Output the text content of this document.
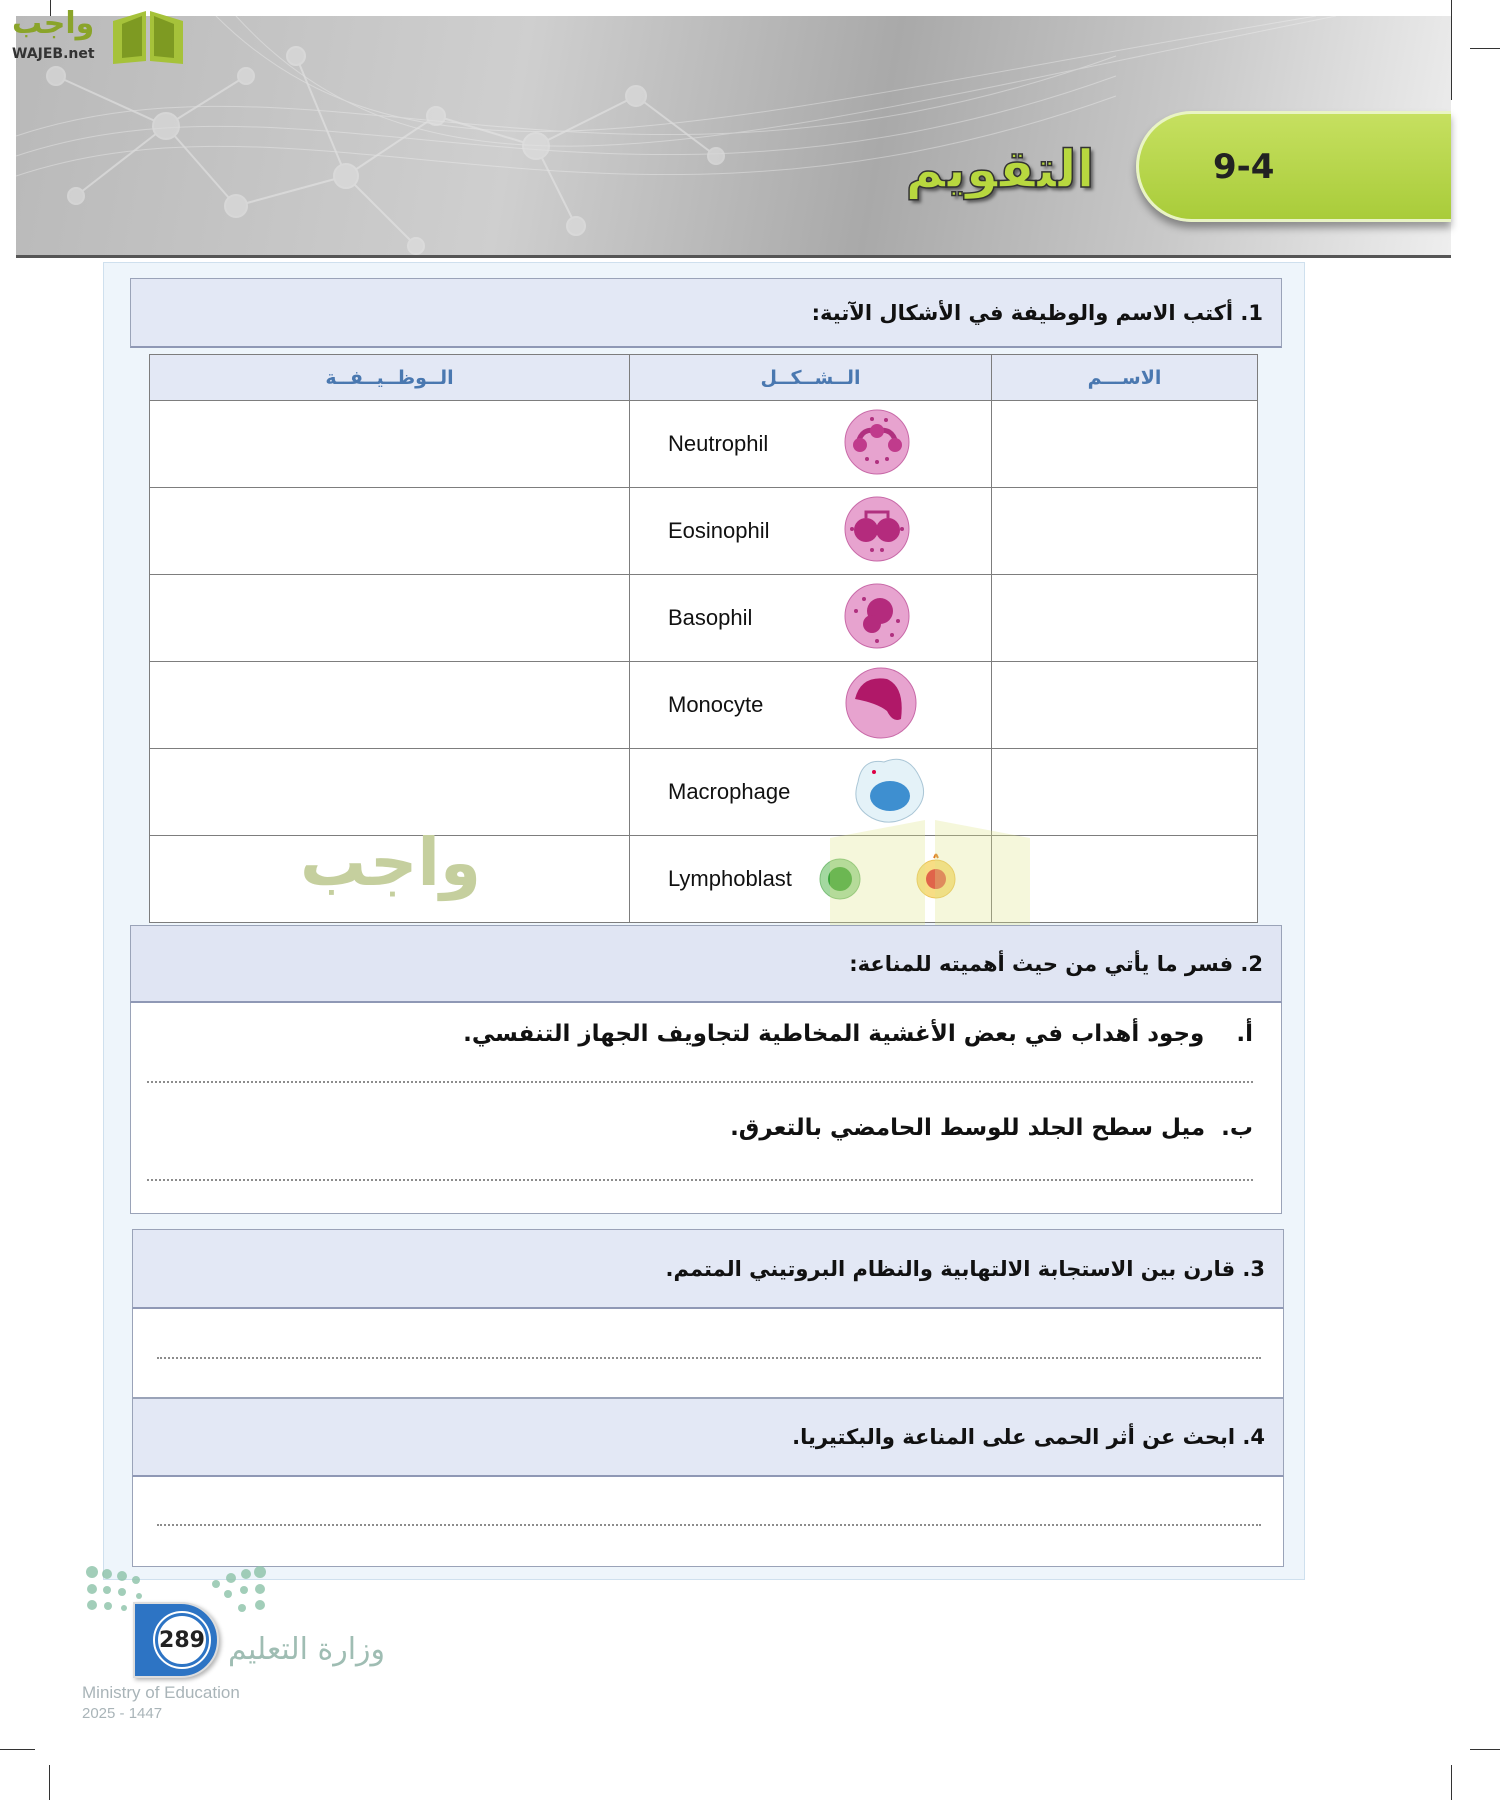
واجب
WAJEB.net
التقويم	9-4
1. أكتب الاسم والوظيفة في الأشكال الآتية:
الــوظــيــفــة	الــشــكــل	الاســـم

	Neutrophil	

	Eosinophil	

	Basophil	

	Monocyte	

	Macrophage	

	Lymphoblast	

واجب
2. فسر ما يأتي من حيث أهميته للمناعة:
أ.    وجود أهداب في بعض الأغشية المخاطية لتجاويف الجهاز التنفسي.
ب.  ميل سطح الجلد للوسط الحامضي بالتعرق.
3. قارن بين الاستجابة الالتهابية والنظام البروتيني المتمم.
4. ابحث عن أثر الحمى على المناعة والبكتيريا.
وزارة التعليم
Ministry of Education
2025 - 1447
289
